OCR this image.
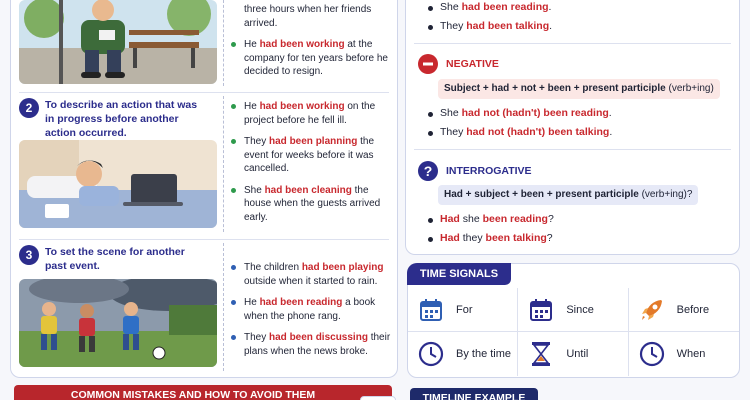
three hours when her friends arrived.
He had been working at the company for ten years before he decided to resign.
2	To describe an action that was in progress before another action occurred.
He had been working on the project before he fell ill.
They had been planning the event for weeks before it was cancelled.
She had been cleaning the house when the guests arrived early.
3	To set the scene for another past event.	The children had been playing outside when it started to rain.
He had been reading a book when the phone rang.
They had been discussing their plans when the news broke.
COMMON MISTAKES AND HOW TO AVOID THEM
She had been reading.
They had been talking.
NEGATIVE
Subject + had + not + been + present participle (verb+ing)
She had not (hadn't) been reading.
They had not (hadn't) been talking.
?	INTERROGATIVE
Had + subject + been + present participle (verb+ing)?
Had she been reading?
Had they been talking?
TIME SIGNALS
For	Since	Before
By the time	Until	When
TIMELINE EXAMPLE
